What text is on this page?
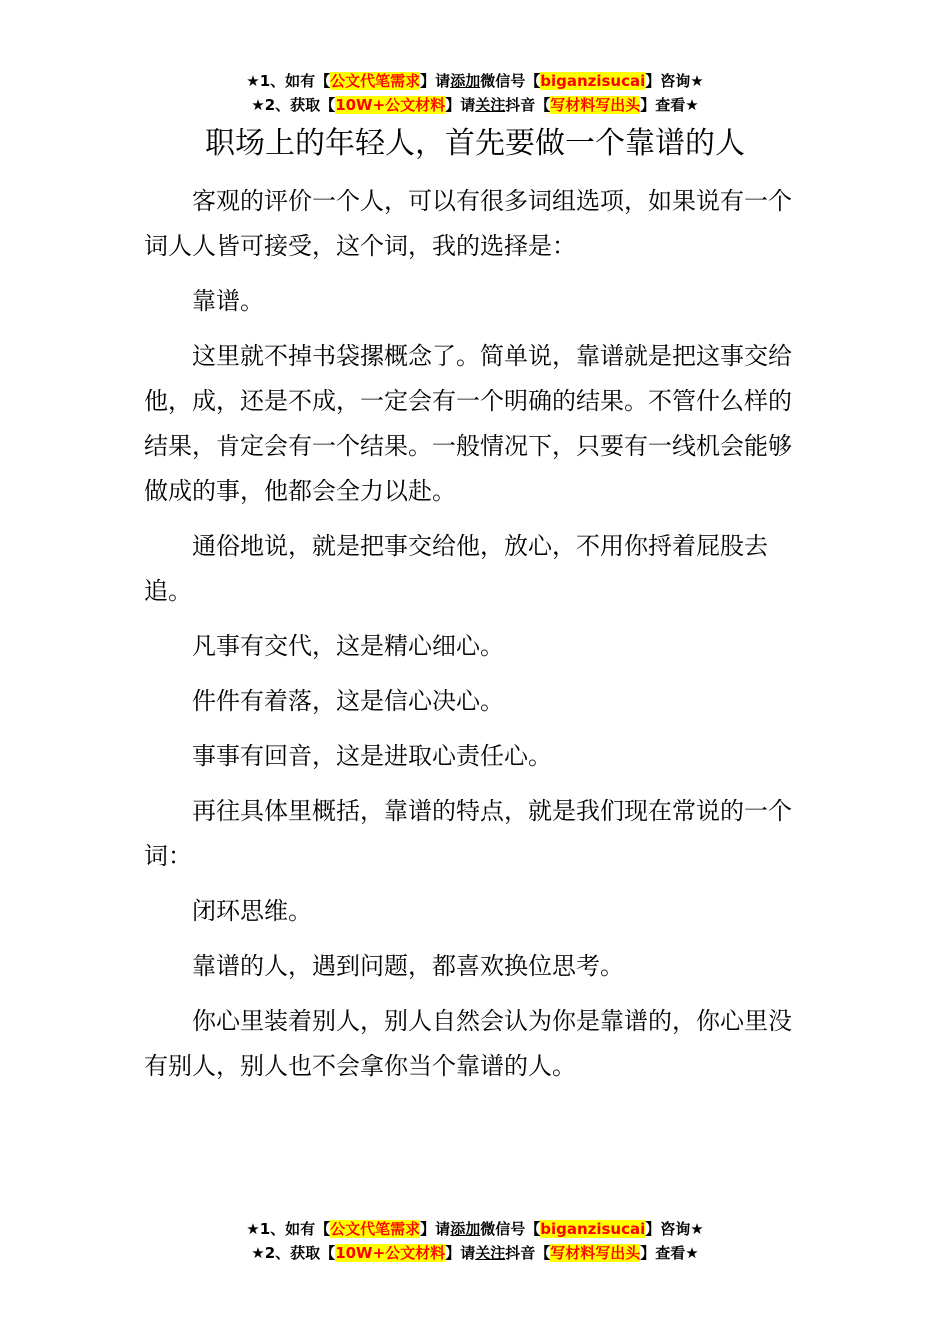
★1、如有【公文代笔需求】请添加微信号【biganzisucai】咨询★
★2、获取【10W+公文材料】请关注抖音【写材料写出头】查看★
职场上的年轻人，首先要做一个靠谱的人

客观的评价一个人，可以有很多词组选项，如果说有一个词人人皆可接受，这个词，我的选择是：

靠谱。

这里就不掉书袋摞概念了。简单说，靠谱就是把这事交给他，成，还是不成，一定会有一个明确的结果。不管什么样的结果，肯定会有一个结果。一般情况下，只要有一线机会能够做成的事，他都会全力以赴。

通俗地说，就是把事交给他，放心，不用你捋着屁股去追。

凡事有交代，这是精心细心。

件件有着落，这是信心决心。

事事有回音，这是进取心责任心。

再往具体里概括，靠谱的特点，就是我们现在常说的一个词：

闭环思维。

靠谱的人，遇到问题，都喜欢换位思考。

你心里装着别人，别人自然会认为你是靠谱的，你心里没有别人，别人也不会拿你当个靠谱的人。

★1、如有【公文代笔需求】请添加微信号【biganzisucai】咨询★
★2、获取【10W+公文材料】请关注抖音【写材料写出头】查看★
